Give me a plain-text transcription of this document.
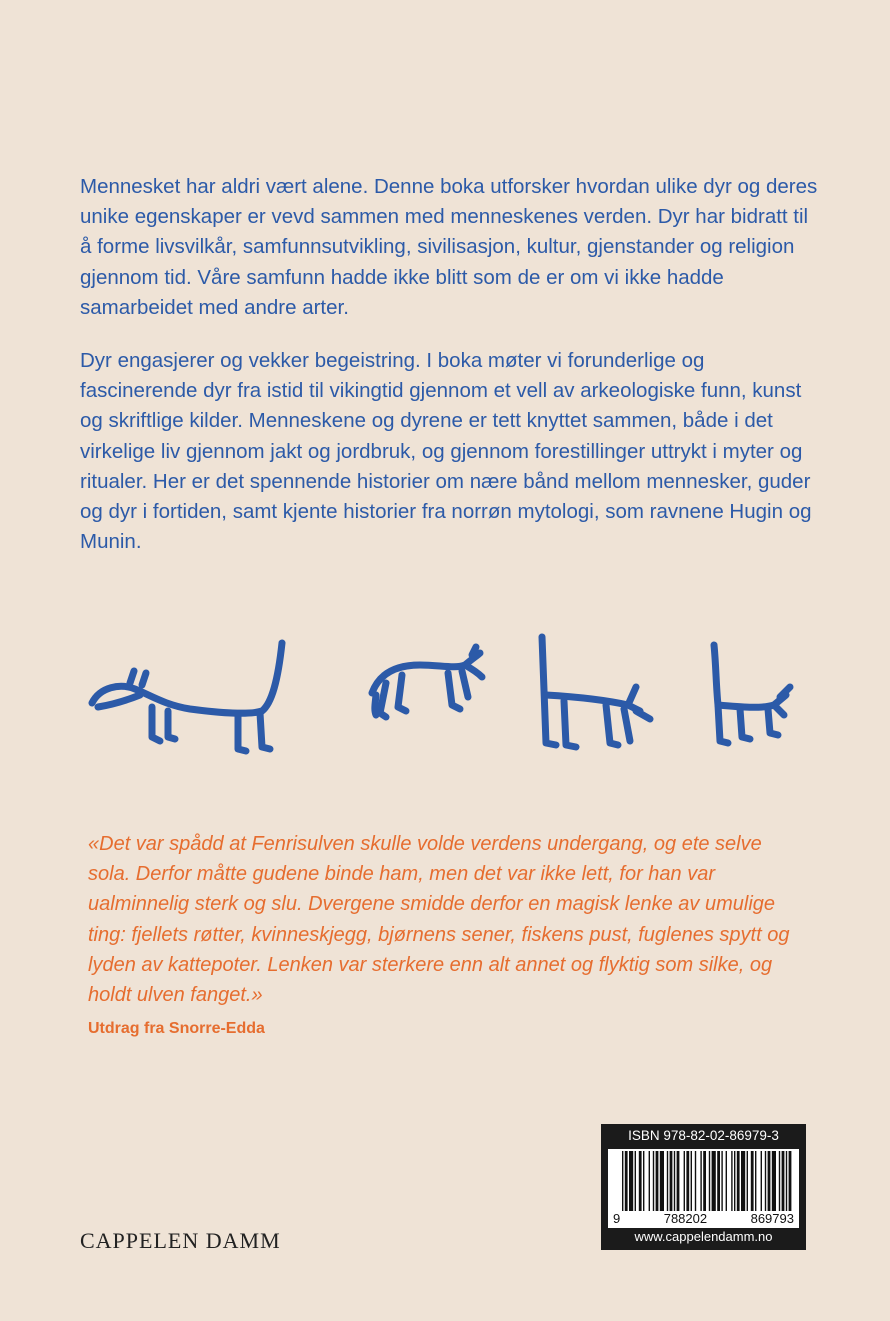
Mennesket har aldri vært alene. Denne boka utforsker hvordan ulike dyr og deres unike egenskaper er vevd sammen med menneskenes verden. Dyr har bidratt til å forme livsvilkår, samfunnsutvikling, sivilisasjon, kultur, gjenstander og religion gjennom tid. Våre samfunn hadde ikke blitt som de er om vi ikke hadde samarbeidet med andre arter.

Dyr engasjerer og vekker begeistring. I boka møter vi forunderlige og fascinerende dyr fra istid til vikingtid gjennom et vell av arkeologiske funn, kunst og skriftlige kilder. Menneskene og dyrene er tett knyttet sammen, både i det virkelige liv gjennom jakt og jordbruk, og gjennom forestillinger uttrykt i myter og ritualer. Her er det spennende historier om nære bånd mellom mennesker, guder og dyr i fortiden, samt kjente historier fra norrøn mytologi, som ravnene Hugin og Munin.

«Det var spådd at Fenrisulven skulle volde verdens undergang, og ete selve sola. Derfor måtte gudene binde ham, men det var ikke lett, for han var ualminnelig sterk og slu. Dvergene smidde derfor en magisk lenke av umulige ting: fjellets røtter, kvinneskjegg, bjørnens sener, fiskens pust, fuglenes spytt og lyden av kattepoter. Lenken var sterkere enn alt annet og flyktig som silke, og holdt ulven fanget.»
Utdrag fra Snorre-Edda
CAPPELEN DAMM
ISBN 978-82-02-86979-3
9	788202	869793
www.cappelendamm.no
